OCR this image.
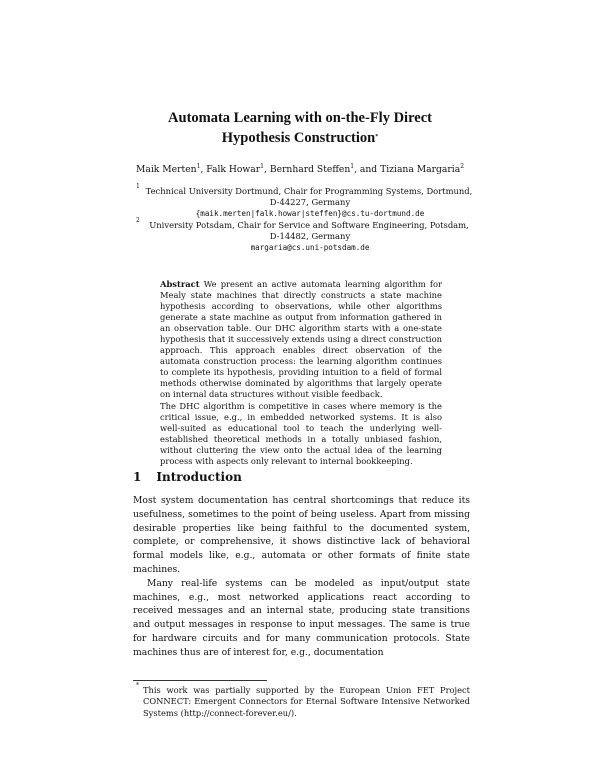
Automata Learning with on-the-Fly Direct
Hypothesis Construction*
Maik Merten$^1$, Falk Howar$^1$, Bernhard Steffen$^1$, and Tiziana Margaria$^2$
$^1$ Technical University Dortmund, Chair for Programming Systems, Dortmund,
D-44227, Germany
{maik.merten|falk.howar|steffen}@cs.tu-dortmund.de
$^2$	University Potsdam, Chair for Service and Software Engineering, Potsdam,
D-14482, Germany
margaria@cs.uni-potsdam.de

Abstract We present an active automata learning algorithm for Mealy state machines that directly constructs a state machine hypothesis according to observations, while other algorithms generate a state machine as output from information gathered in an observation table. Our DHC algorithm starts with a one-state hypothesis that it successively extends using a direct construction approach. This approach enables direct observation of the automata construction process: the learning algorithm continues to complete its hypothesis, providing intuition to a field of formal methods otherwise dominated by algorithms that largely operate on internal data structures without visible feedback.

The DHC algorithm is competitive in cases where memory is the critical issue, e.g., in embedded networked systems. It is also well-suited as educational tool to teach the underlying well-established theoretical methods in a totally unbiased fashion, without cluttering the view onto the actual idea of the learning process with aspects only relevant to internal bookkeeping.

1 Introduction

Most system documentation has central shortcomings that reduce its usefulness, sometimes to the point of being useless. Apart from missing desirable properties like being faithful to the documented system, complete, or comprehensive, it shows distinctive lack of behavioral formal models like, e.g., automata or other formats of finite state machines.

Many real-life systems can be modeled as input/output state machines, e.g., most networked applications react according to received messages and an internal state, producing state transitions and output messages in response to input messages. The same is true for hardware circuits and for many communication protocols. State machines thus are of interest for, e.g., documentation

* This work was partially supported by the European Union FET Project CONNECT: Emergent Connectors for Eternal Software Intensive Networked Systems (http://connect-forever.eu/).
